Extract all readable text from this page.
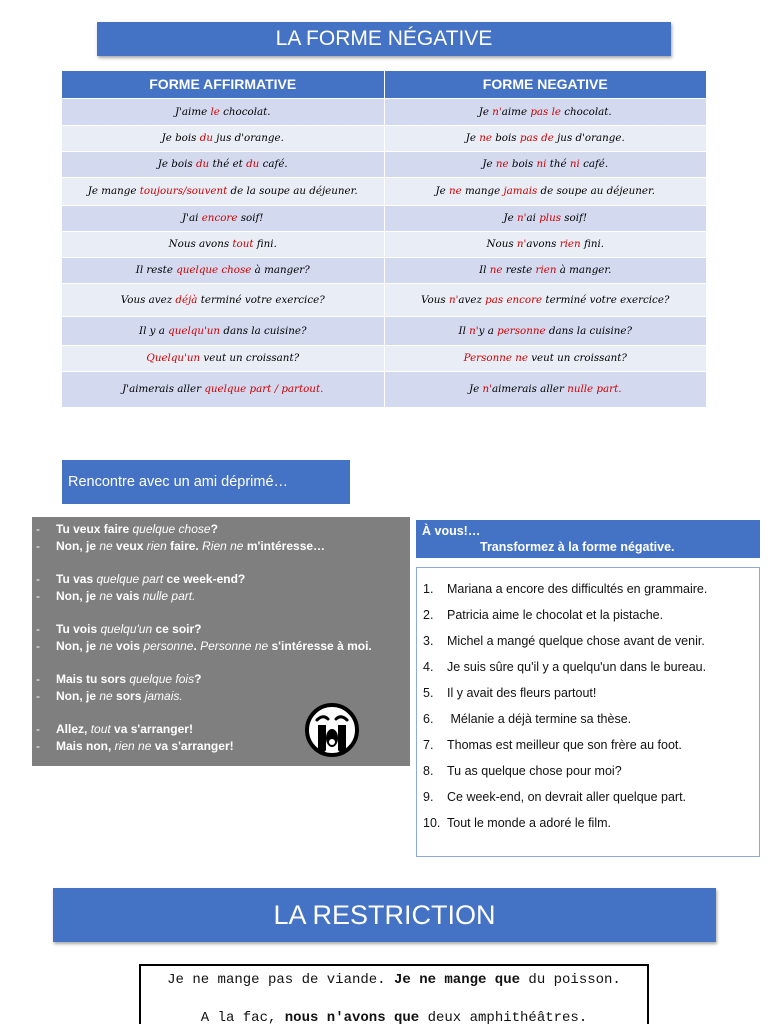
LA FORME NÉGATIVE
FORME AFFIRMATIVE	FORME NEGATIVE
J'aime le chocolat.	Je n'aime pas le chocolat.
Je bois du jus d'orange.	Je ne bois pas de jus d'orange.
Je bois du thé et du café.	Je ne bois ni thé ni café.
Je mange toujours/souvent de la soupe au déjeuner.	Je ne mange jamais de soupe au déjeuner.
J'ai encore soif!	Je n'ai plus soif!
Nous avons tout fini.	Nous n'avons rien fini.
Il reste quelque chose à manger?	Il ne reste rien à manger.
Vous avez déjà terminé votre exercice?	Vous n'avez pas encore terminé votre exercice?
Il y a quelqu'un dans la cuisine?	Il n'y a personne dans la cuisine?
Quelqu'un veut un croissant?	Personne ne veut un croissant?
J'aimerais aller quelque part / partout.	Je n'aimerais aller nulle part.
Rencontre avec un ami déprimé…
- Tu veux faire quelque chose?
- Non, je ne veux rien faire. Rien ne m'intéresse…
- Tu vas quelque part ce week-end?
- Non, je ne vais nulle part.
- Tu vois quelqu'un ce soir?
- Non, je ne vois personne. Personne ne s'intéresse à moi.
- Mais tu sors quelque fois?
- Non, je ne sors jamais.
- Allez, tout va s'arranger!
- Mais non, rien ne va s'arranger!
À vous!…
Transformez à la forme négative.
1. Mariana a encore des difficultés en grammaire.
2. Patricia aime le chocolat et la pistache.
3. Michel a mangé quelque chose avant de venir.
4. Je suis sûre qu'il y a quelqu'un dans le bureau.
5. Il y avait des fleurs partout!
6. Mélanie a déjà termine sa thèse.
7. Thomas est meilleur que son frère au foot.
8. Tu as quelque chose pour moi?
9. Ce week-end, on devrait aller quelque part.
10. Tout le monde a adoré le film.
LA RESTRICTION
Je ne mange pas de viande. Je ne mange que du poisson.
A la fac, nous n'avons que deux amphithéâtres.
